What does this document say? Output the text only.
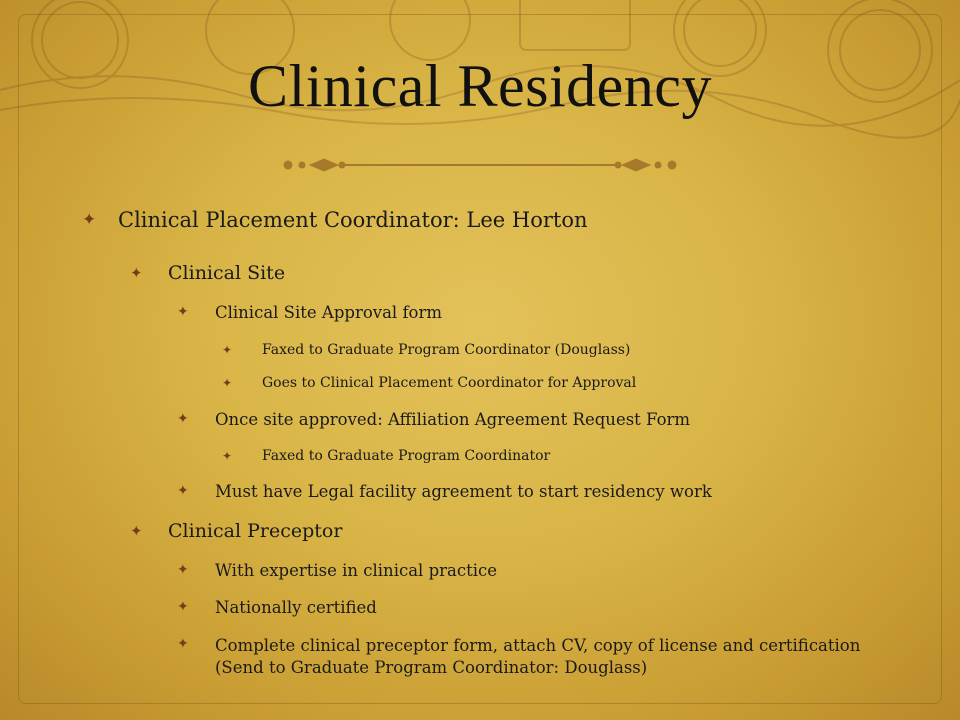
Clinical Residency
✦	Clinical Placement Coordinator: Lee Horton
✦	Clinical Site
✦	Clinical Site Approval form
✦	Faxed to Graduate Program Coordinator (Douglass)
✦	Goes to Clinical Placement Coordinator for Approval
✦	Once site approved: Affiliation Agreement Request Form
✦	Faxed to Graduate Program Coordinator
✦	Must have Legal facility agreement to start residency work
✦	Clinical Preceptor
✦	With expertise in clinical practice
✦	Nationally certified
✦	Complete clinical preceptor form, attach CV, copy of license and certification (Send to Graduate Program Coordinator: Douglass)
